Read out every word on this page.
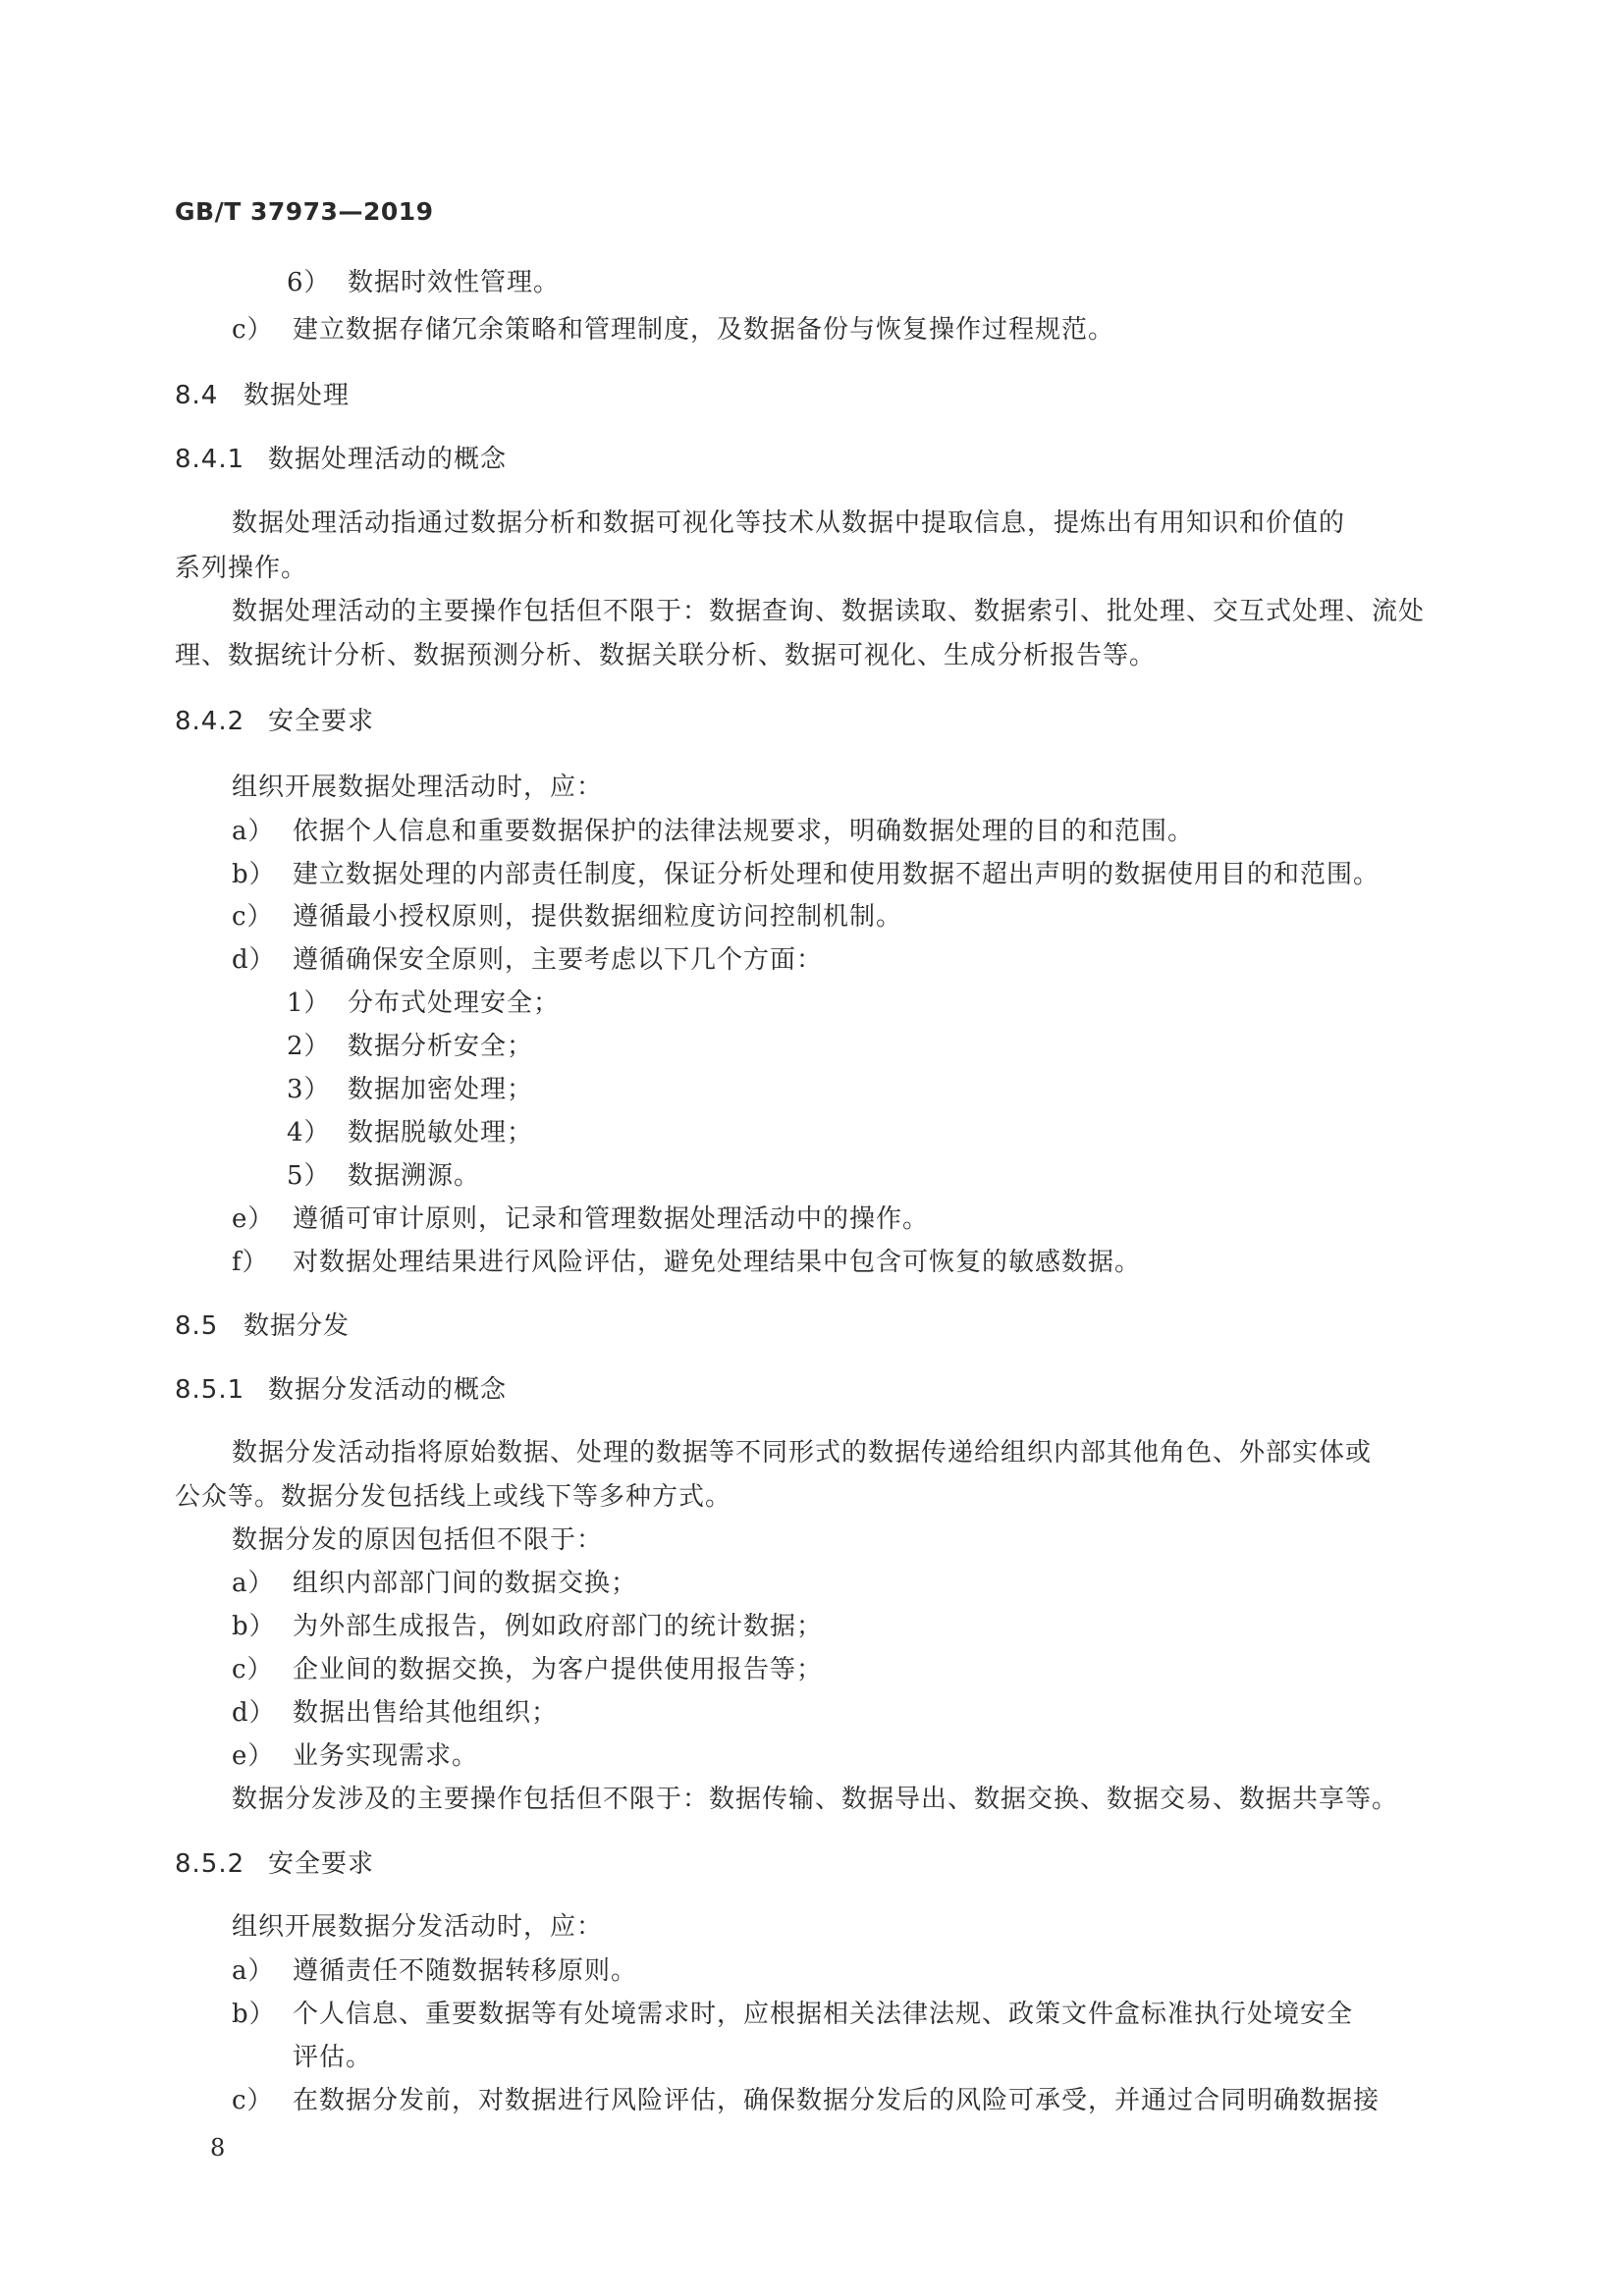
GB/T 37973—2019
6） 数据时效性管理。
c） 建立数据存储冗余策略和管理制度，及数据备份与恢复操作过程规范。
8.4 数据处理
8.4.1 数据处理活动的概念
数据处理活动指通过数据分析和数据可视化等技术从数据中提取信息，提炼出有用知识和价值的
系列操作。
数据处理活动的主要操作包括但不限于：数据查询、数据读取、数据索引、批处理、交互式处理、流处
理、数据统计分析、数据预测分析、数据关联分析、数据可视化、生成分析报告等。
8.4.2 安全要求
组织开展数据处理活动时，应：
a） 依据个人信息和重要数据保护的法律法规要求，明确数据处理的目的和范围。
b） 建立数据处理的内部责任制度，保证分析处理和使用数据不超出声明的数据使用目的和范围。
c） 遵循最小授权原则，提供数据细粒度访问控制机制。
d） 遵循确保安全原则，主要考虑以下几个方面：
1） 分布式处理安全；
2） 数据分析安全；
3） 数据加密处理；
4） 数据脱敏处理；
5） 数据溯源。
e） 遵循可审计原则，记录和管理数据处理活动中的操作。
f） 对数据处理结果进行风险评估，避免处理结果中包含可恢复的敏感数据。
8.5 数据分发
8.5.1 数据分发活动的概念
数据分发活动指将原始数据、处理的数据等不同形式的数据传递给组织内部其他角色、外部实体或
公众等。数据分发包括线上或线下等多种方式。
数据分发的原因包括但不限于：
a） 组织内部部门间的数据交换；
b） 为外部生成报告，例如政府部门的统计数据；
c） 企业间的数据交换，为客户提供使用报告等；
d） 数据出售给其他组织；
e） 业务实现需求。
数据分发涉及的主要操作包括但不限于：数据传输、数据导出、数据交换、数据交易、数据共享等。
8.5.2 安全要求
组织开展数据分发活动时，应：
a） 遵循责任不随数据转移原则。
b） 个人信息、重要数据等有处境需求时，应根据相关法律法规、政策文件盒标准执行处境安全
评估。
c） 在数据分发前，对数据进行风险评估，确保数据分发后的风险可承受，并通过合同明确数据接
8
